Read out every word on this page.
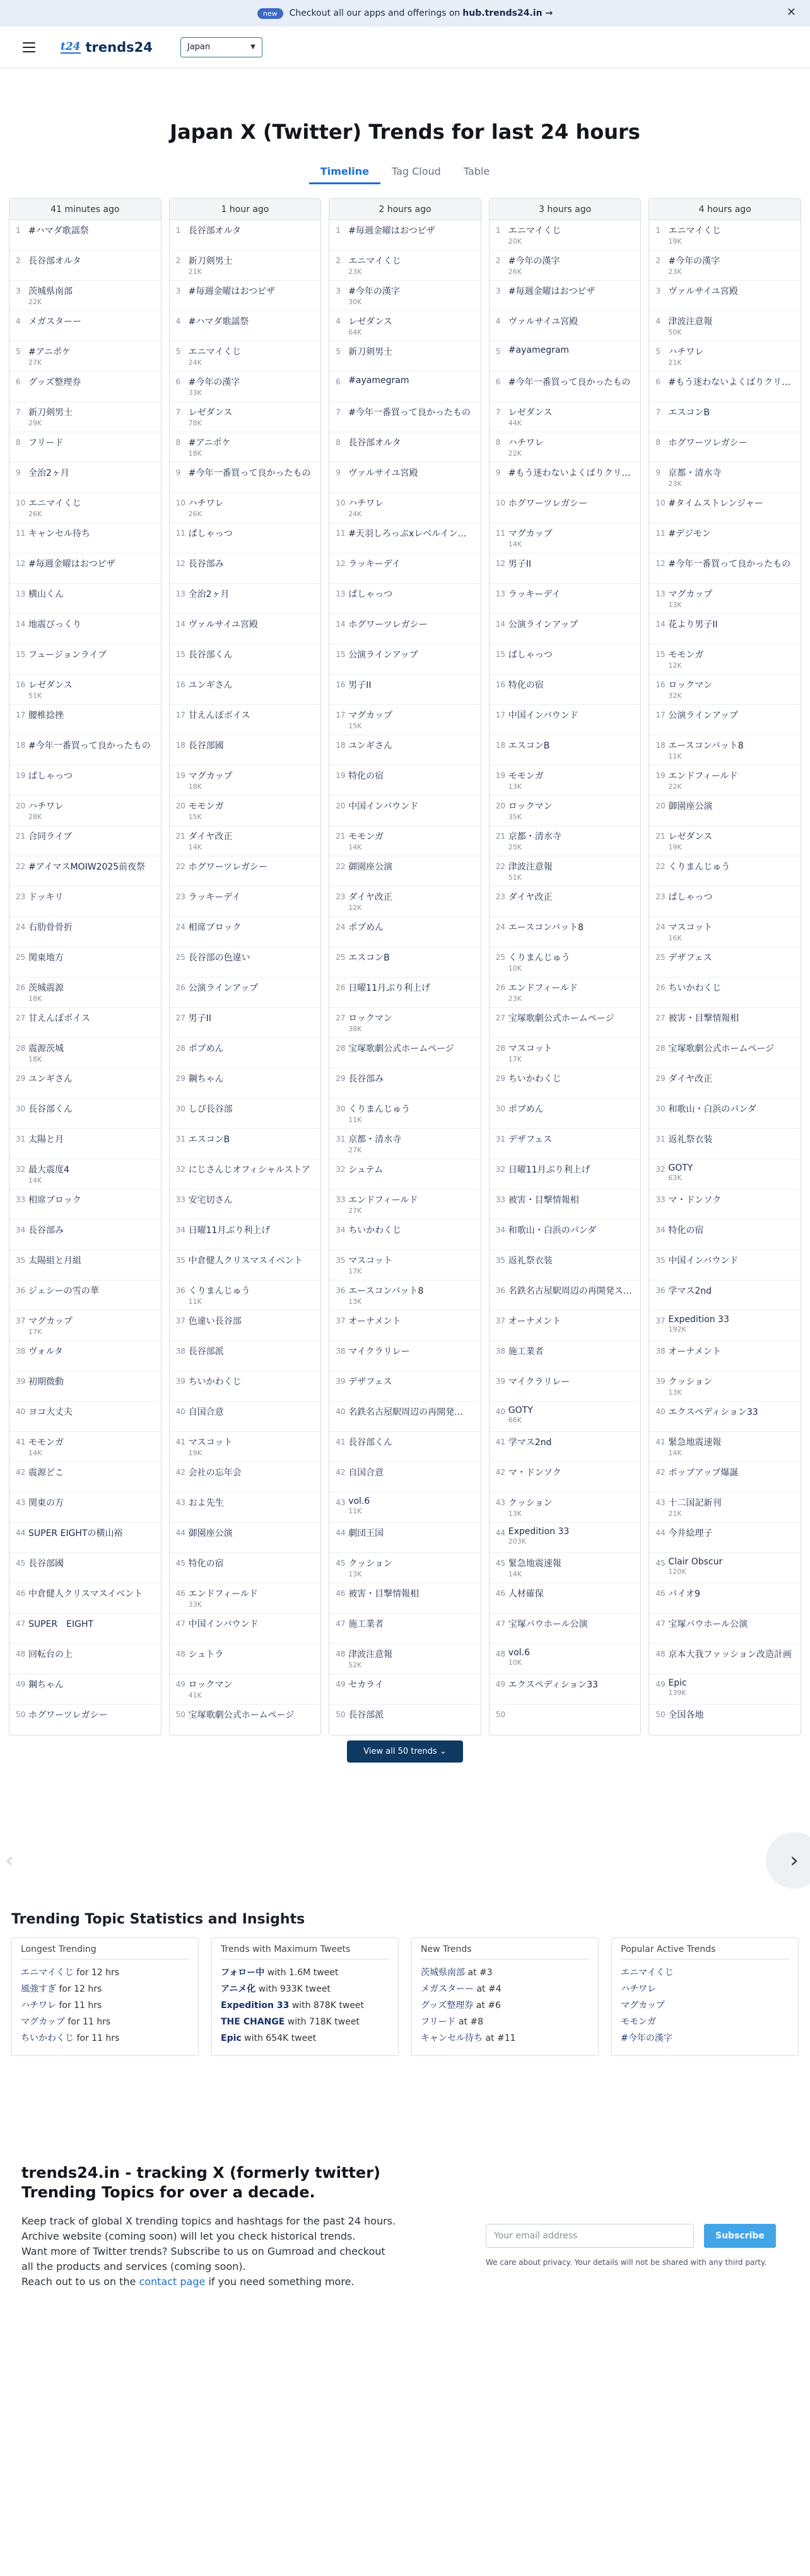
new	Checkout all our apps and offerings on hub.trends24.in →	✕
t24 trends24	Japan	▼
Japan X (Twitter) Trends for last 24 hours
Timeline	Tag Cloud	Table
41 minutes ago
1 #ハマダ歌謡祭
2 長谷部オルタ
3 茨城県南部
22K
4 メガスターー
5 #アニポケ
27K
6 グッズ整理券
7 新刀剣男士
29K
8 フリード
9 全治2ヶ月
10 エニマイくじ
26K
11 キャンセル待ち
12 #毎週金曜はおつピザ
13 横山くん
14 地震びっくり
15 フュージョンライブ
16 レゼダンス
51K
17 腰椎捻挫
18 #今年一番買って良かったもの
19 ぱしゃっつ
20 ハチワレ
28K
21 合同ライブ
22 #アイマスMOIW2025前夜祭
23 ドッキリ
24 右肋骨骨折
25 関東地方
26 茨城震源
18K
27 甘えんぼボイス
28 震源茨城
18K
29 ユンギさん
30 長谷部くん
31 太陽と月
32 最大震度4
14K
33 相席ブロック
34 長谷部み
35 太陽組と月組
36 ジェシーの雪の華
37 マグカップ
17K
38 ヴォルタ
39 初期微動
40 ヨコ大丈夫
41 モモンガ
14K
42 震源どこ
43 関東の方
44 SUPER EIGHTの横山裕
45 長谷部國
46 中倉健人クリスマスイベント
47 SUPER　EIGHT
48 回転台の上
49 鋼ちゃん
50 ホグワーツレガシー
1 hour ago
1 長谷部オルタ
2 新刀剣男士
21K
3 #毎週金曜はおつピザ
4 #ハマダ歌謡祭
5 エニマイくじ
24K
6 #今年の漢字
33K
7 レゼダンス
78K
8 #アニポケ
18K
9 #今年一番買って良かったもの
10 ハチワレ
26K
11 ぱしゃっつ
12 長谷部み
13 全治2ヶ月
14 ヴァルサイユ宮殿
15 長谷部くん
16 ユンギさん
17 甘えんぼボイス
18 長谷部國
19 マグカップ
18K
20 モモンガ
15K
21 ダイヤ改正
14K
22 ホグワーツレガシー
23 ラッキーデイ
24 相席ブロック
25 長谷部の色違い
26 公演ラインアップ
27 男子II
28 ポブめん
29 鋼ちゃん
30 しぴ長谷部
31 エスコンB
32 にじさんじオフィシャルストア
33 安宅切さん
34 日曜11月ぶり利上げ
35 中倉健人クリスマスイベント
36 くりまんじゅう
11K
37 色違い長谷部
38 長谷部派
39 ちいかわくじ
40 自国合意
41 マスコット
19K
42 会社の忘年会
43 およ先生
44 御園座公演
45 特化の宿
46 エンドフィールド
33K
47 中国インバウンド
48 シュトラ
49 ロックマン
41K
50 宝塚歌劇公式ホームページ
2 hours ago
1 #毎週金曜はおつピザ
2 エニマイくじ
23K
3 #今年の漢字
30K
4 レゼダンス
64K
5 新刀剣男士
6 #ayamegram
7 #今年一番買って良かったもの
8 長谷部オルタ
9 ヴァルサイユ宮殿
10 ハチワレ
24K
11 #天羽しろっぷxレベルイン…
12 ラッキーデイ
13 ぱしゃっつ
14 ホグワーツレガシー
15 公演ラインアップ
16 男子II
17 マグカップ
15K
18 ユンギさん
19 特化の宿
20 中国インバウンド
21 モモンガ
14K
22 御園座公演
23 ダイヤ改正
12K
24 ポブめん
25 エスコンB
26 日曜11月ぶり利上げ
27 ロックマン
38K
28 宝塚歌劇公式ホームページ
29 長谷部み
30 くりまんじゅう
11K
31 京都・清水寺
27K
32 シュテム
33 エンドフィールド
27K
34 ちいかわくじ
35 マスコット
17K
36 エースコンバット8
13K
37 オーナメント
38 マイクラリレー
39 デザフェス
40 名鉄名古屋駅周辺の再開発…
41 長谷部くん
42 自国合意
43 vol.6
11K
44 劇団王国
45 クッション
13K
46 被害・目撃情報相
47 施工業者
48 津波注意報
52K
49 セカライ
50 長谷部派
3 hours ago
1 エニマイくじ
20K
2 #今年の漢字
26K
3 #毎週金曜はおつピザ
4 ヴァルサイユ宮殿
5 #ayamegram
6 #今年一番買って良かったもの
7 レゼダンス
44K
8 ハチワレ
22K
9 #もう迷わないよくばりクリ…
10 ホグワーツレガシー
11 マグカップ
14K
12 男子II
13 ラッキーデイ
14 公演ラインアップ
15 ぱしゃっつ
16 特化の宿
17 中国インバウンド
18 エスコンB
19 モモンガ
13K
20 ロックマン
35K
21 京都・清水寺
25K
22 津波注意報
51K
23 ダイヤ改正
24 エースコンバット8
25 くりまんじゅう
10K
26 エンドフィールド
23K
27 宝塚歌劇公式ホームページ
28 マスコット
17K
29 ちいかわくじ
30 ポブめん
31 デザフェス
32 日曜11月ぶり利上げ
33 被害・目撃情報相
34 和歌山・白浜のパンダ
35 返礼祭衣装
36 名鉄名古屋駅周辺の再開発ス…
37 オーナメント
38 施工業者
39 マイクラリレー
40 GOTY
66K
41 学マス2nd
42 マ・ドンソク
43 クッション
13K
44 Expedition 33
203K
45 緊急地震速報
14K
46 人材確保
47 宝塚バウホール公演
48 vol.6
10K
49 エクスペディション33
50
4 hours ago
1 エニマイくじ
19K
2 #今年の漢字
23K
3 ヴァルサイユ宮殿
4 津波注意報
50K
5 ハチワレ
21K
6 #もう迷わないよくばりクリ…
7 エスコンB
8 ホグワーツレガシー
9 京都・清水寺
23K
10 #タイムストレンジャー
11 #デジモン
12 #今年一番買って良かったもの
13 マグカップ
13K
14 花より男子II
15 モモンガ
12K
16 ロックマン
32K
17 公演ラインアップ
18 エースコンバット8
11K
19 エンドフィールド
22K
20 御園座公演
21 レゼダンス
19K
22 くりまんじゅう
23 ぱしゃっつ
24 マスコット
16K
25 デザフェス
26 ちいかわくじ
27 被害・目撃情報相
28 宝塚歌劇公式ホームページ
29 ダイヤ改正
30 和歌山・白浜のパンダ
31 返礼祭衣装
32 GOTY
63K
33 マ・ドンソク
34 特化の宿
35 中国インバウンド
36 学マス2nd
37 Expedition 33
192K
38 オーナメント
39 クッション
13K
40 エクスペディション33
41 緊急地震速報
14K
42 ポップアップ爆誕
43 十二国記新刊
21K
44 今井絵理子
45 Clair Obscur
120K
46 バイオ9
47 宝塚バウホール公演
48 京本大我ファッション改造計画
49 Epic
139K
50 全国各地
View all 50 trends ⌄
‹	›
Trending Topic Statistics and Insights
Longest Trending
エニマイくじ for 12 hrs
風強すぎ for 12 hrs
ハチワレ for 11 hrs
マグカップ for 11 hrs
ちいかわくじ for 11 hrs
Trends with Maximum Tweets
フォロー中 with 1.6M tweet
アニメ化 with 933K tweet
Expedition 33 with 878K tweet
THE CHANGE with 718K tweet
Epic with 654K tweet
New Trends
茨城県南部 at #3
メガスターー at #4
グッズ整理券 at #6
フリード at #8
キャンセル待ち at #11
Popular Active Trends
エニマイくじ
ハチワレ
マグカップ
モモンガ
#今年の漢字
trends24.in - tracking X (formerly twitter) Trending Topics for over a decade.

Keep track of global X trending topics and hashtags for the past 24 hours.
Archive website (coming soon) will let you check historical trends.
Want more of Twitter trends? Subscribe to us on Gumroad and checkout all the products and services (coming soon).
Reach out to us on the contact page if you need something more.

Your email address
Subscribe
We care about privacy. Your details will not be shared with any third party.
